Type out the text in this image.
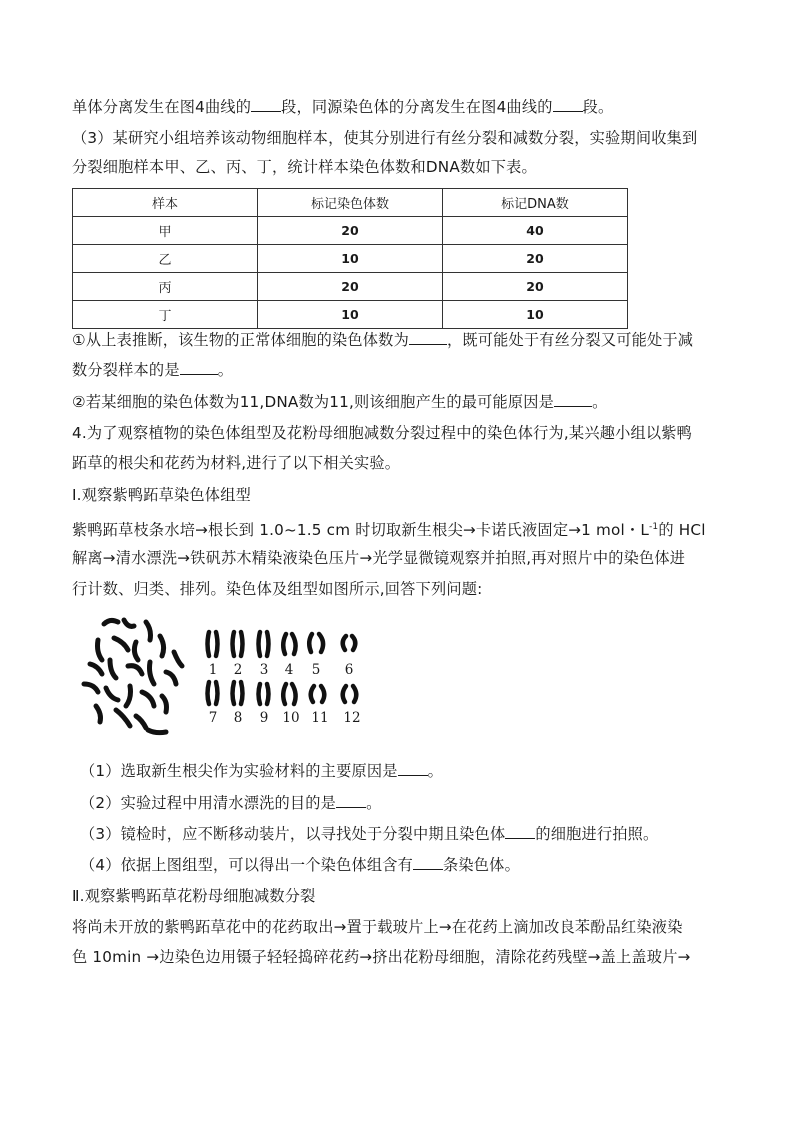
单体分离发生在图4曲线的 段，同源染色体的分离发生在图4曲线的 段。
（3）某研究小组培养该动物细胞样本，使其分别进行有丝分裂和减数分裂，实验期间收集到
分裂细胞样本甲、乙、丙、丁，统计样本染色体数和DNA数如下表。
样本	标记染色体数	标记DNA数
甲	20	40
乙	10	20
丙	20	20
丁	10	10
①从上表推断，该生物的正常体细胞的染色体数为	，既可能处于有丝分裂又可能处于减
数分裂样本的是	。
②若某细胞的染色体数为11,DNA数为11,则该细胞产生的最可能原因是	。
4.为了观察植物的染色体组型及花粉母细胞减数分裂过程中的染色体行为,某兴趣小组以紫鸭
跖草的根尖和花药为材料,进行了以下相关实验。
Ⅰ.观察紫鸭跖草染色体组型
紫鸭跖草枝条水培→根长到 1.0~1.5 cm 时切取新生根尖→卡诺氏液固定→1 mol・$L^{-1}$的 HCl
解离→清水漂洗→铁矾苏木精染液染色压片→光学显微镜观察并拍照,再对照片中的染色体进
行计数、归类、排列。染色体及组型如图所示,回答下列问题:
1 2 3 4 5 6
7 8 9 10 11 12
（1）选取新生根尖作为实验材料的主要原因是 。
（2）实验过程中用清水漂洗的目的是 。
（3）镜检时，应不断移动装片，以寻找处于分裂中期且染色体 的细胞进行拍照。
（4）依据上图组型，可以得出一个染色体组含有 条染色体。
Ⅱ.观察紫鸭跖草花粉母细胞减数分裂
将尚未开放的紫鸭跖草花中的花药取出→置于载玻片上→在花药上滴加改良苯酚品红染液染
色 10min →边染色边用镊子轻轻捣碎花药→挤出花粉母细胞，清除花药残壁→盖上盖玻片→
